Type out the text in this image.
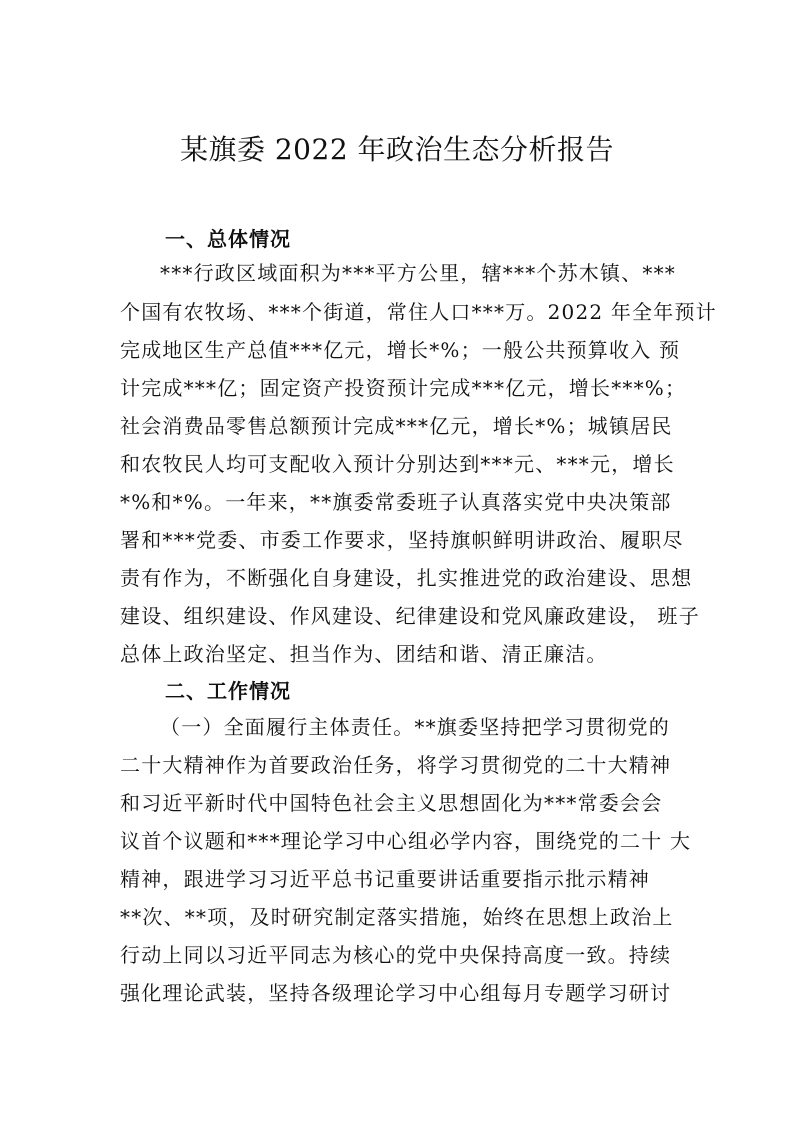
某旗委 2022 年政治生态分析报告
一、总体情况
***行政区域面积为***平方公里，辖***个苏木镇、***
个国有农牧场、***个街道，常住人口***万。2022 年全年预计
完成地区生产总值***亿元，增长*%；一般公共预算收入 预
计完成***亿；固定资产投资预计完成***亿元，增长***%；
社会消费品零售总额预计完成***亿元，增长*%；城镇居民
和农牧民人均可支配收入预计分别达到***元、***元，增长
*%和*%。一年来，**旗委常委班子认真落实党中央决策部
署和***党委、市委工作要求，坚持旗帜鲜明讲政治、履职尽
责有作为，不断强化自身建设，扎实推进党的政治建设、思想
建设、组织建设、作风建设、纪律建设和党风廉政建设， 班子
总体上政治坚定、担当作为、团结和谐、清正廉洁。
二、工作情况
（一）全面履行主体责任。**旗委坚持把学习贯彻党的
二十大精神作为首要政治任务，将学习贯彻党的二十大精神
和习近平新时代中国特色社会主义思想固化为***常委会会
议首个议题和***理论学习中心组必学内容，围绕党的二十 大
精神，跟进学习习近平总书记重要讲话重要指示批示精神
**次、**项，及时研究制定落实措施，始终在思想上政治上
行动上同以习近平同志为核心的党中央保持高度一致。持续
强化理论武装，坚持各级理论学习中心组每月专题学习研讨
